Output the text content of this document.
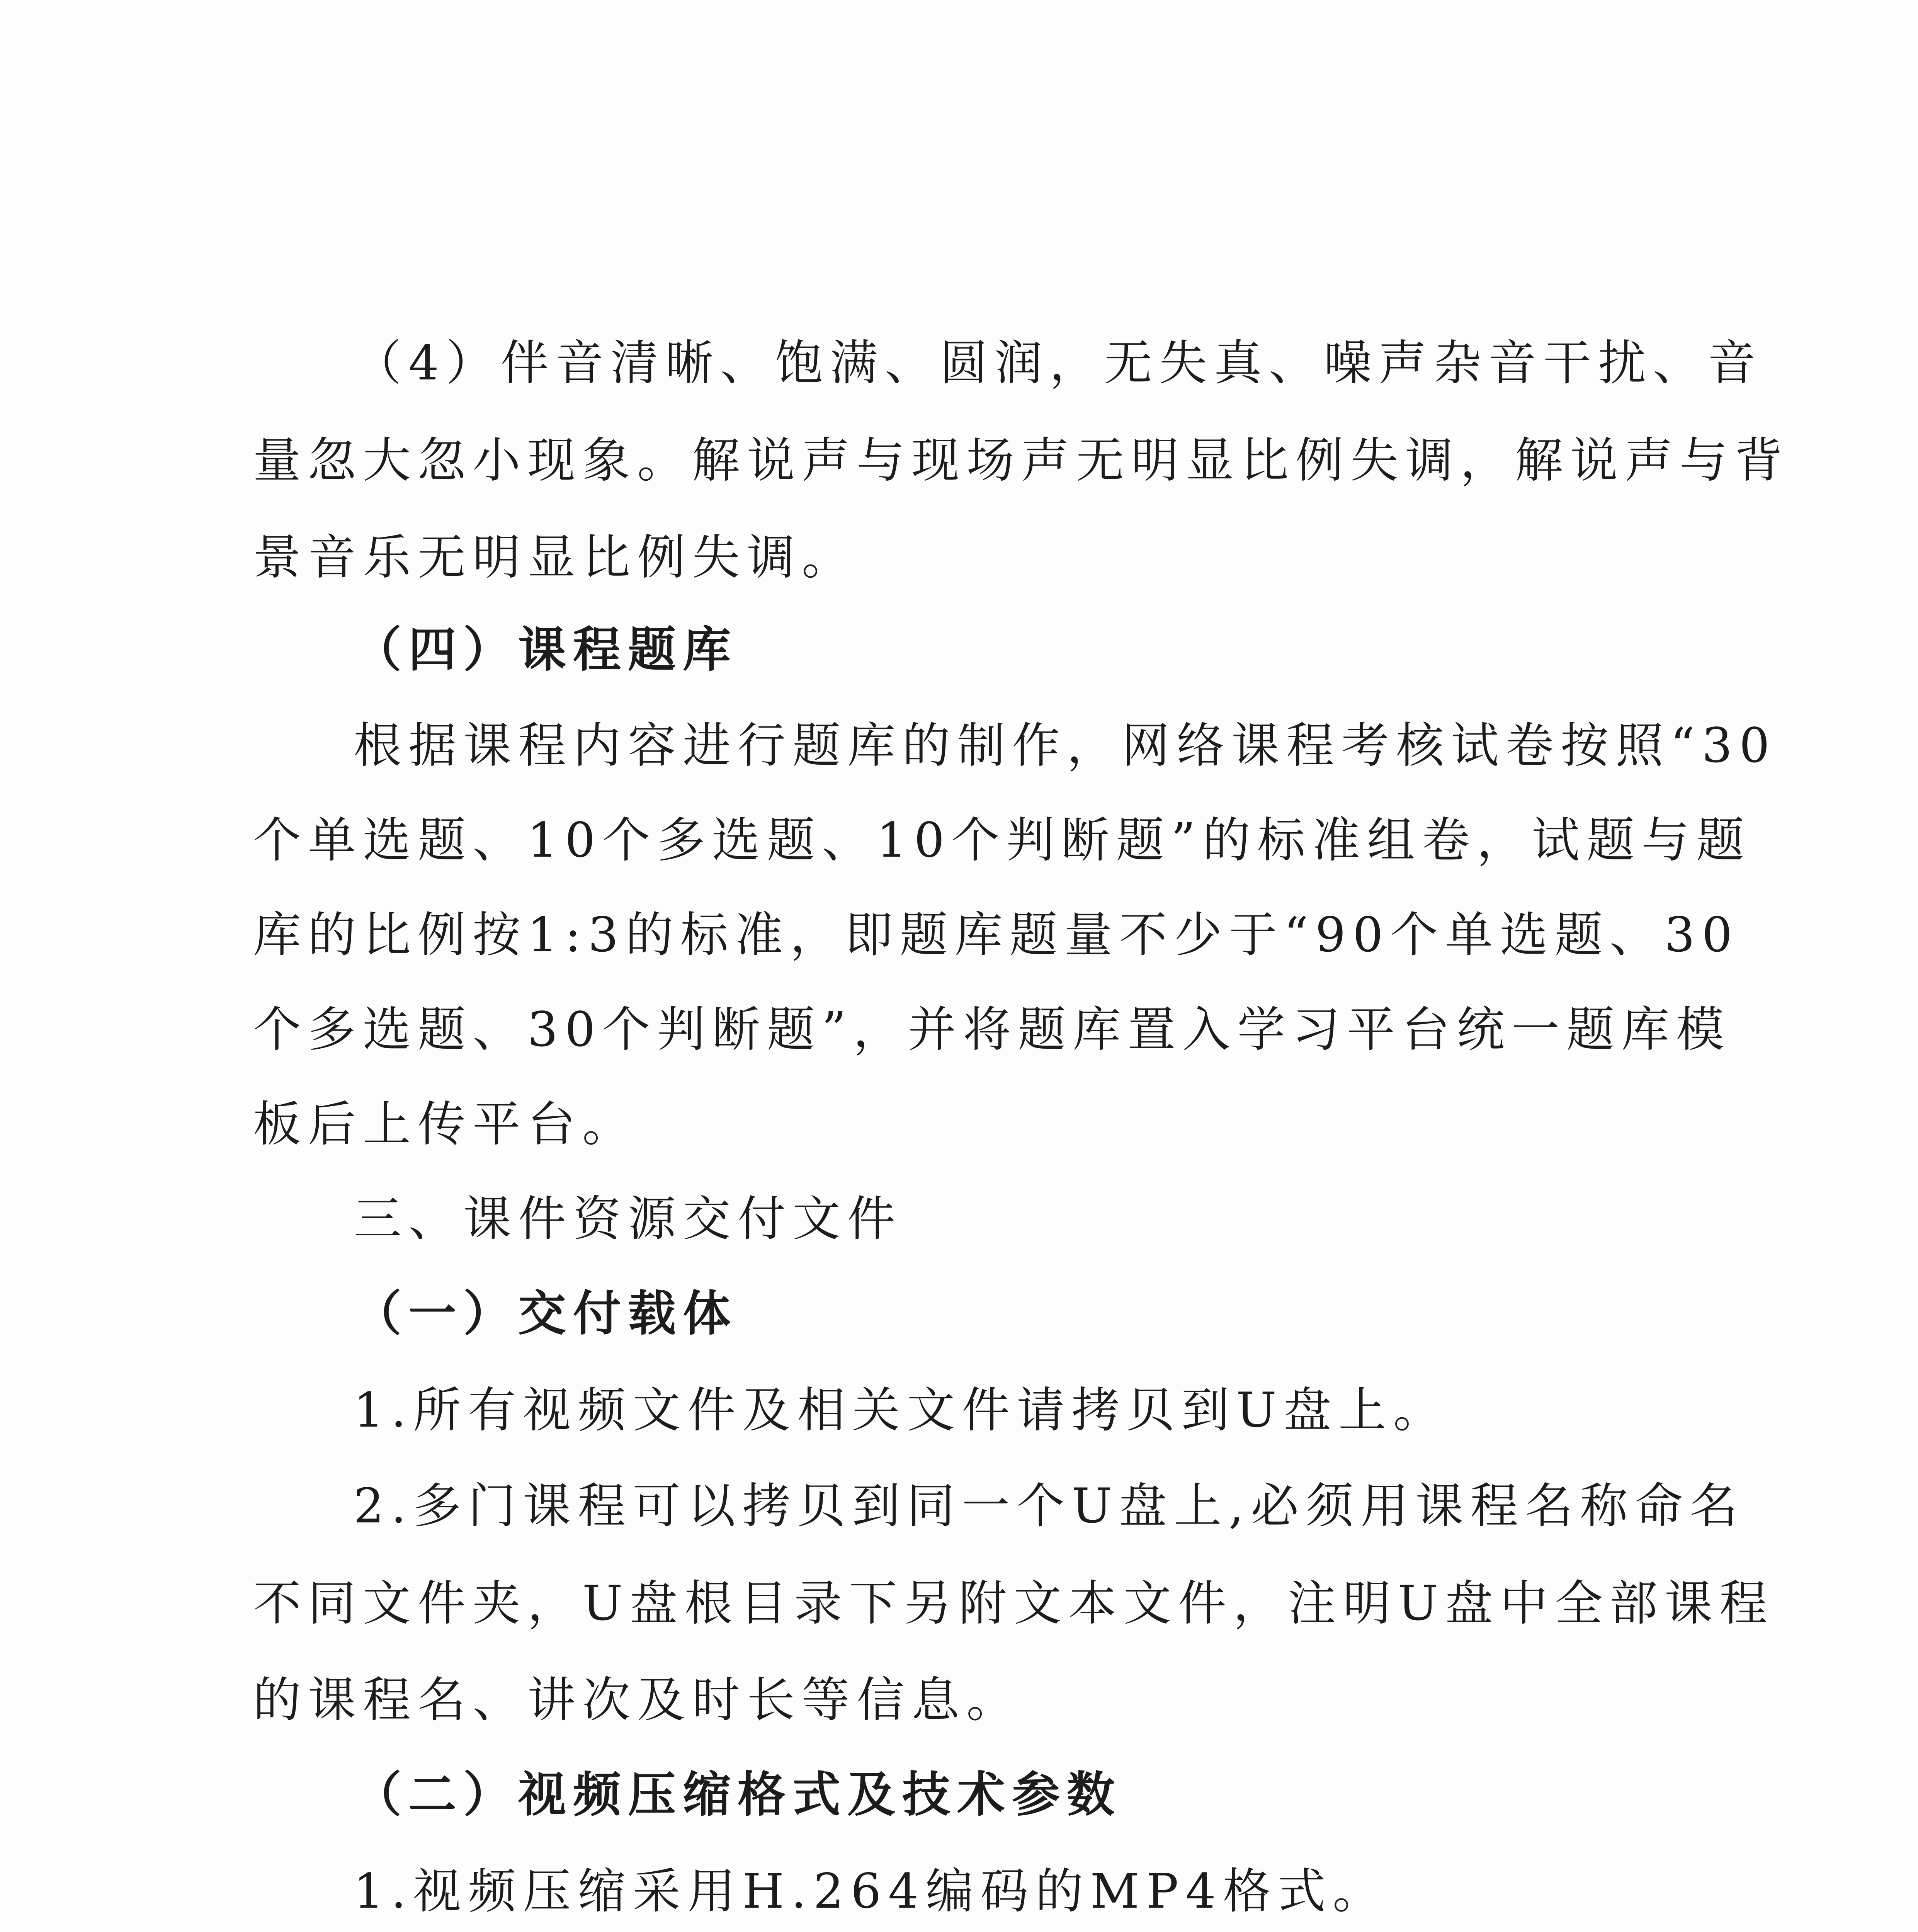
（4）伴音清晰、饱满、圆润，无失真、噪声杂音干扰、音
量忽大忽小现象。解说声与现场声无明显比例失调，解说声与背
景音乐无明显比例失调。
（四）课程题库
根据课程内容进行题库的制作，网络课程考核试卷按照“30
个单选题、10个多选题、10个判断题”的标准组卷，试题与题
库的比例按1:3的标准，即题库题量不少于“90个单选题、30
个多选题、30个判断题”，并将题库置入学习平台统一题库模
板后上传平台。
三、课件资源交付文件
（一）交付载体
1.所有视频文件及相关文件请拷贝到U盘上。
2.多门课程可以拷贝到同一个U盘上,必须用课程名称命名
不同文件夹，U盘根目录下另附文本文件，注明U盘中全部课程
的课程名、讲次及时长等信息。
（二）视频压缩格式及技术参数
1.视频压缩采用H.264编码的MP4格式。
